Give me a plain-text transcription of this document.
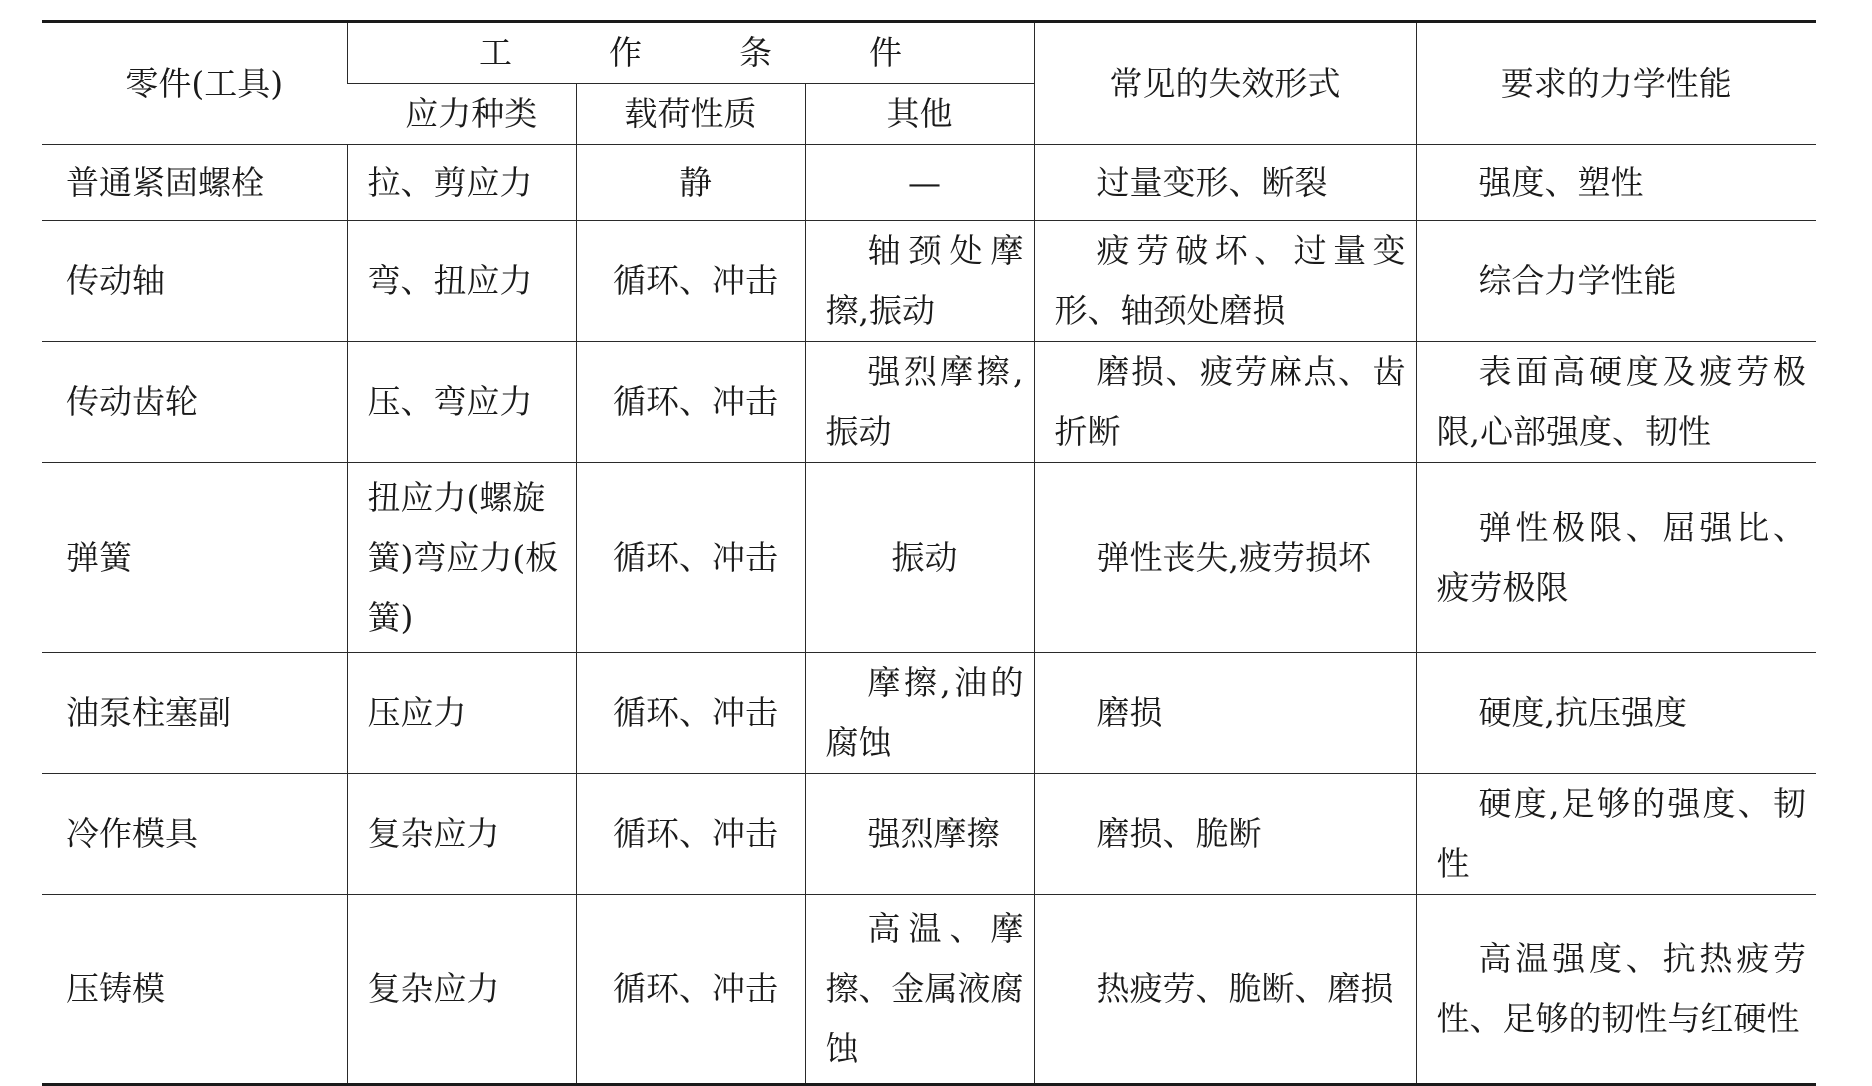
零件(工具)	工　作　条　件			常见的失效形式	要求的力学性能
	应力种类	载荷性质	其他		
普通紧固螺栓	拉、剪应力	静	—	过量变形、断裂	强度、塑性
传动轴	弯、扭应力	循环、冲击	轴颈处摩擦,振动	疲劳破坏、过量变形、轴颈处磨损	综合力学性能
传动齿轮	压、弯应力	循环、冲击	强烈摩擦,振动	磨损、疲劳麻点、齿折断	表面高硬度及疲劳极限,心部强度、韧性
弹簧	扭应力(螺旋簧)弯应力(板簧)	循环、冲击	振动	弹性丧失,疲劳损坏	弹性极限、屈强比、疲劳极限
油泵柱塞副	压应力	循环、冲击	摩擦,油的腐蚀	磨损	硬度,抗压强度
冷作模具	复杂应力	循环、冲击	强烈摩擦	磨损、脆断	硬度,足够的强度、韧性
压铸模	复杂应力	循环、冲击	高温、摩擦、金属液腐蚀	热疲劳、脆断、磨损	高温强度、抗热疲劳性、足够的韧性与红硬性
